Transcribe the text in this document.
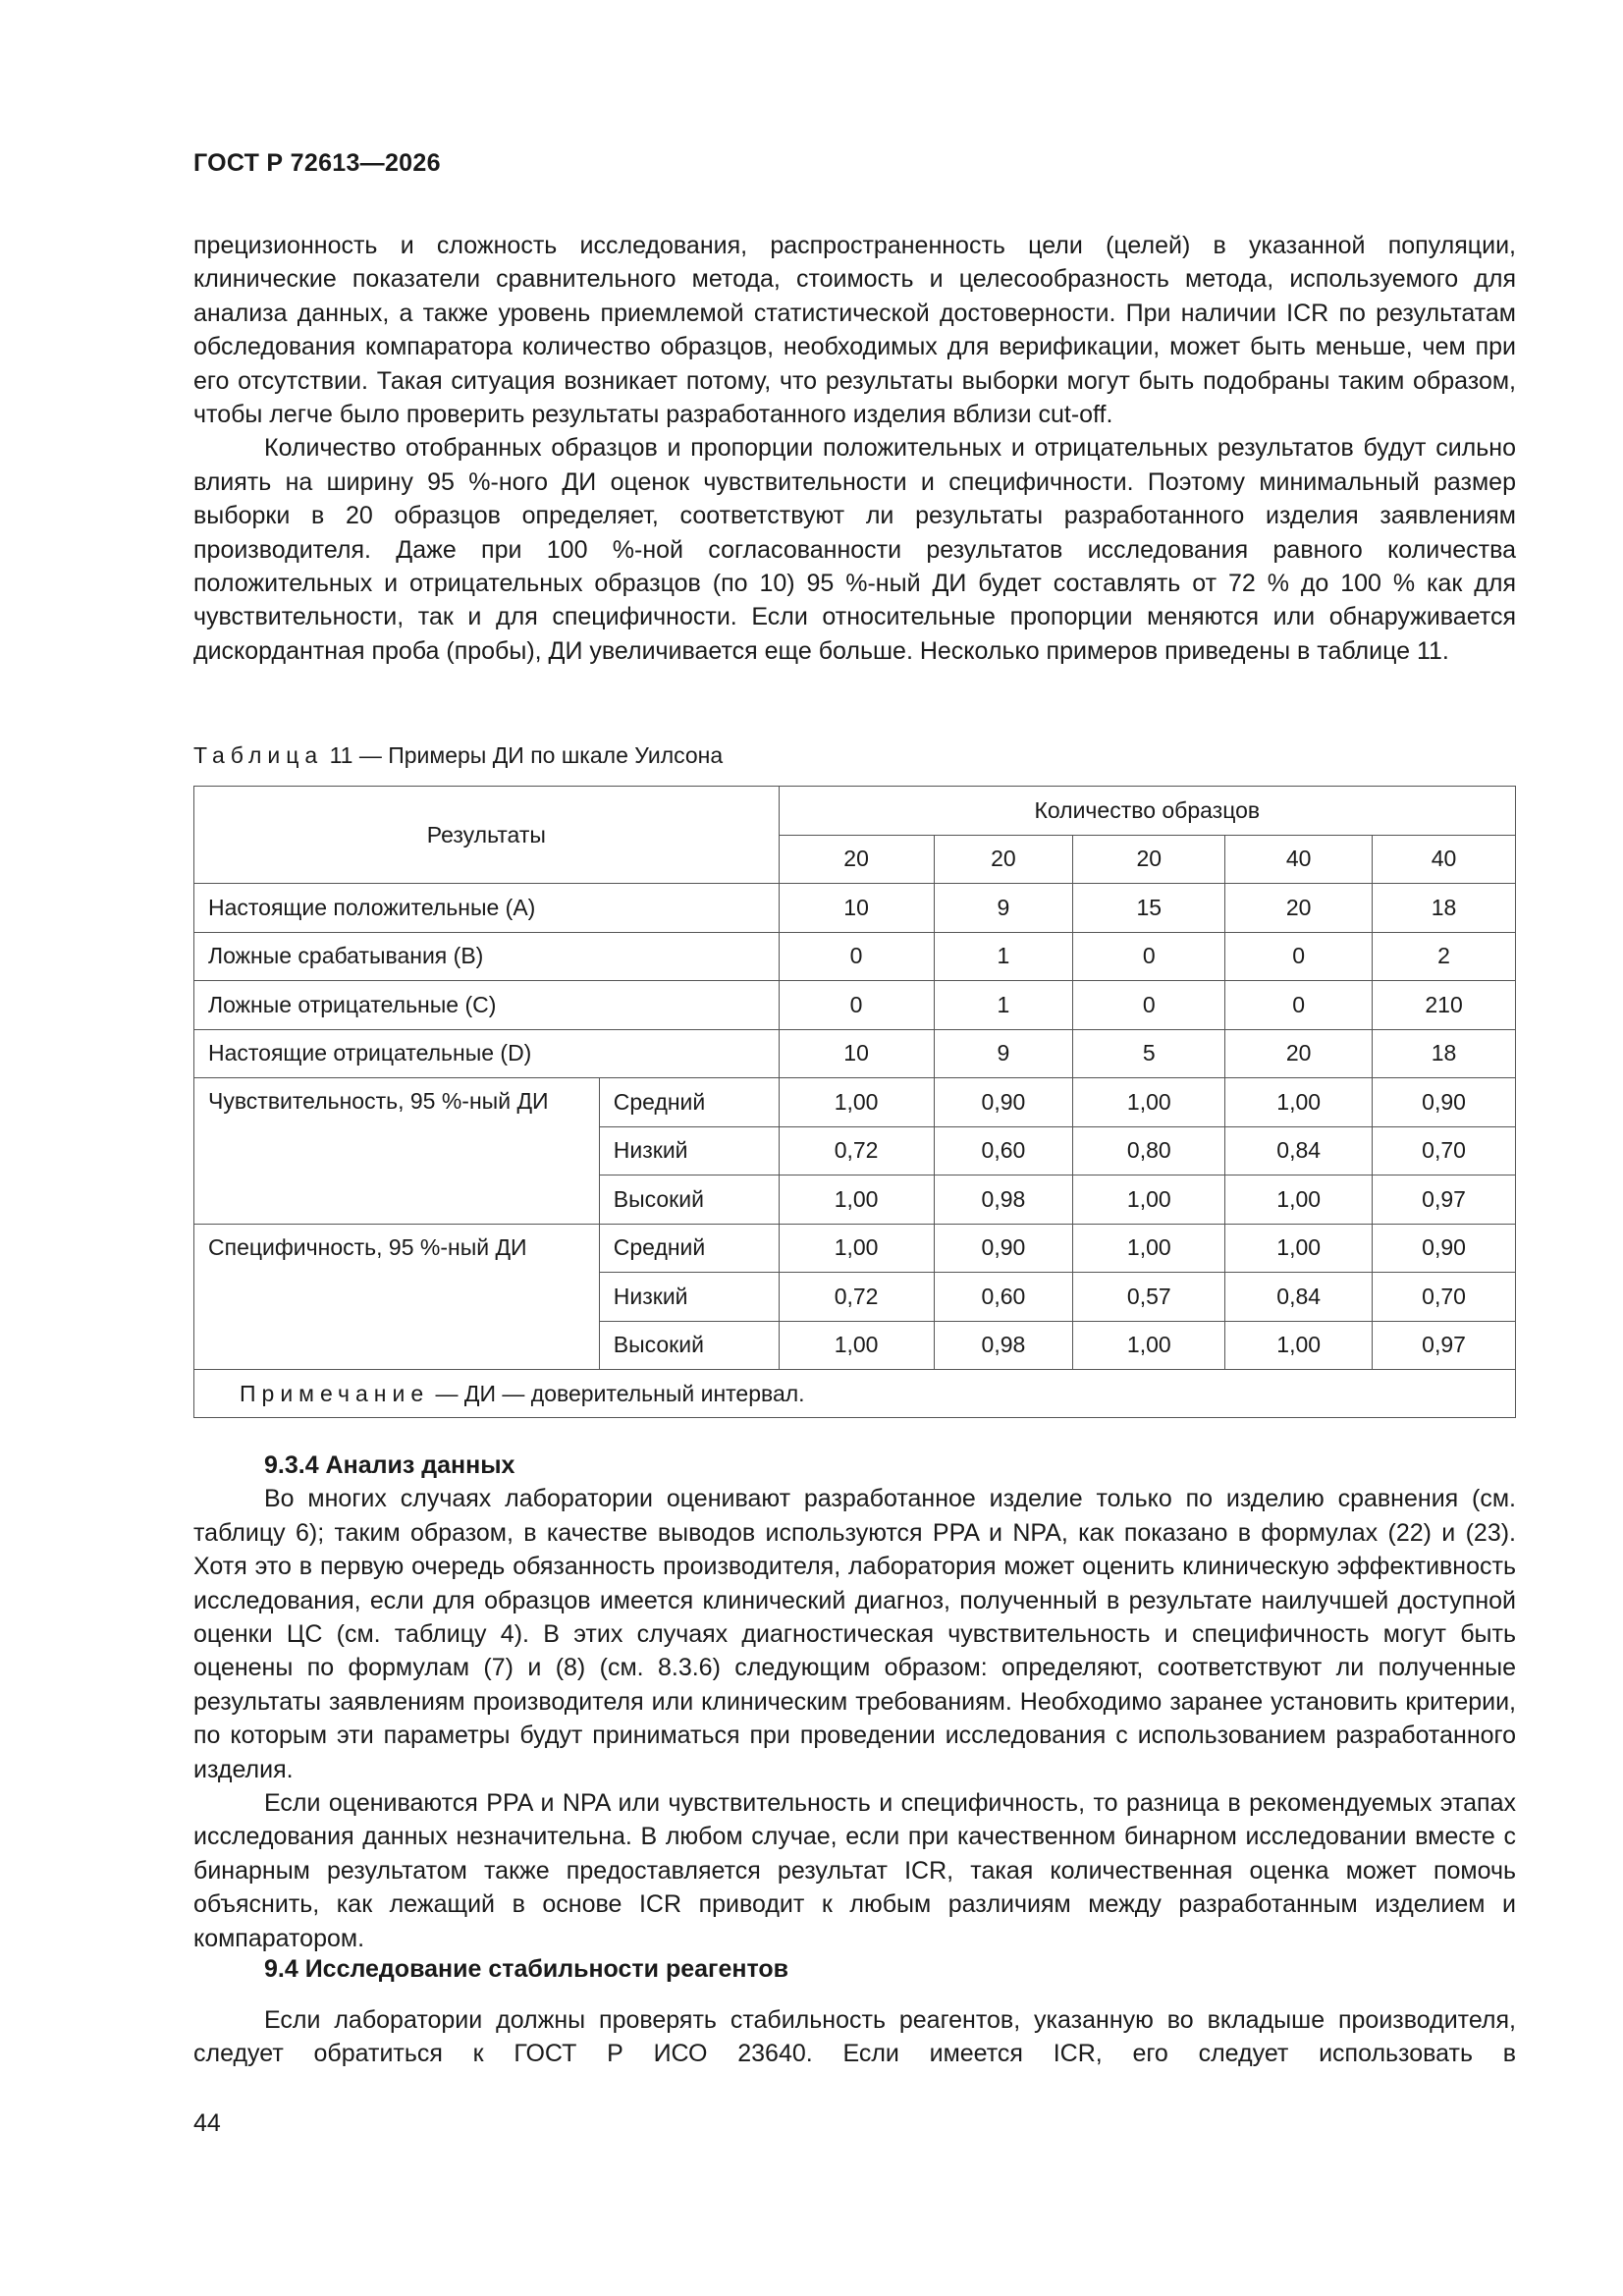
ГОСТ Р 72613—2026

прецизионность и сложность исследования, распространенность цели (целей) в указанной популяции, клинические показатели сравнительного метода, стоимость и целесообразность метода, используемого для анализа данных, а также уровень приемлемой статистической достоверности. При наличии ICR по результатам обследования компаратора количество образцов, необходимых для верификации, может быть меньше, чем при его отсутствии. Такая ситуация возникает потому, что результаты выборки могут быть подобраны таким образом, чтобы легче было проверить результаты разработанного изделия вблизи cut-off.

Количество отобранных образцов и пропорции положительных и отрицательных результатов будут сильно влиять на ширину 95 %-ного ДИ оценок чувствительности и специфичности. Поэтому минимальный размер выборки в 20 образцов определяет, соответствуют ли результаты разработанного изделия заявлениям производителя. Даже при 100 %-ной согласованности результатов исследования равного количества положительных и отрицательных образцов (по 10) 95 %-ный ДИ будет составлять от 72 % до 100 % как для чувствительности, так и для специфичности. Если относительные пропорции меняются или обнаруживается дискордантная проба (пробы), ДИ увеличивается еще больше. Несколько примеров приведены в таблице 11.

Таблица 11 — Примеры ДИ по шкале Уилсона
Результаты		Количество образцов				
		20	20	20	40	40
Настоящие положительные (A)		10	9	15	20	18
Ложные срабатывания (B)		0	1	0	0	2
Ложные отрицательные (C)		0	1	0	0	210
Настоящие отрицательные (D)		10	9	5	20	18
Чувствительность, 95 %-ный ДИ	Средний	1,00	0,90	1,00	1,00	0,90
	Низкий	0,72	0,60	0,80	0,84	0,70
	Высокий	1,00	0,98	1,00	1,00	0,97
Специфичность, 95 %-ный ДИ	Средний	1,00	0,90	1,00	1,00	0,90
	Низкий	0,72	0,60	0,57	0,84	0,70
	Высокий	1,00	0,98	1,00	1,00	0,97
Примечание — ДИ — доверительный интервал.						

9.3.4 Анализ данных

Во многих случаях лаборатории оценивают разработанное изделие только по изделию сравнения (см. таблицу 6); таким образом, в качестве выводов используются PPA и NPA, как показано в формулах (22) и (23). Хотя это в первую очередь обязанность производителя, лаборатория может оценить клиническую эффективность исследования, если для образцов имеется клинический диагноз, полученный в результате наилучшей доступной оценки ЦС (см. таблицу 4). В этих случаях диагностическая чувствительность и специфичность могут быть оценены по формулам (7) и (8) (см. 8.3.6) следующим образом: определяют, соответствуют ли полученные результаты заявлениям производителя или клиническим требованиям. Необходимо заранее установить критерии, по которым эти параметры будут приниматься при проведении исследования с использованием разработанного изделия.

Если оцениваются PPA и NPA или чувствительность и специфичность, то разница в рекомендуемых этапах исследования данных незначительна. В любом случае, если при качественном бинарном исследовании вместе с бинарным результатом также предоставляется результат ICR, такая количественная оценка может помочь объяснить, как лежащий в основе ICR приводит к любым различиям между разработанным изделием и компаратором.

9.4 Исследование стабильности реагентов

Если лаборатории должны проверять стабильность реагентов, указанную во вкладыше производителя, следует обратиться к ГОСТ Р ИСО 23640. Если имеется ICR, его следует использовать в

44
